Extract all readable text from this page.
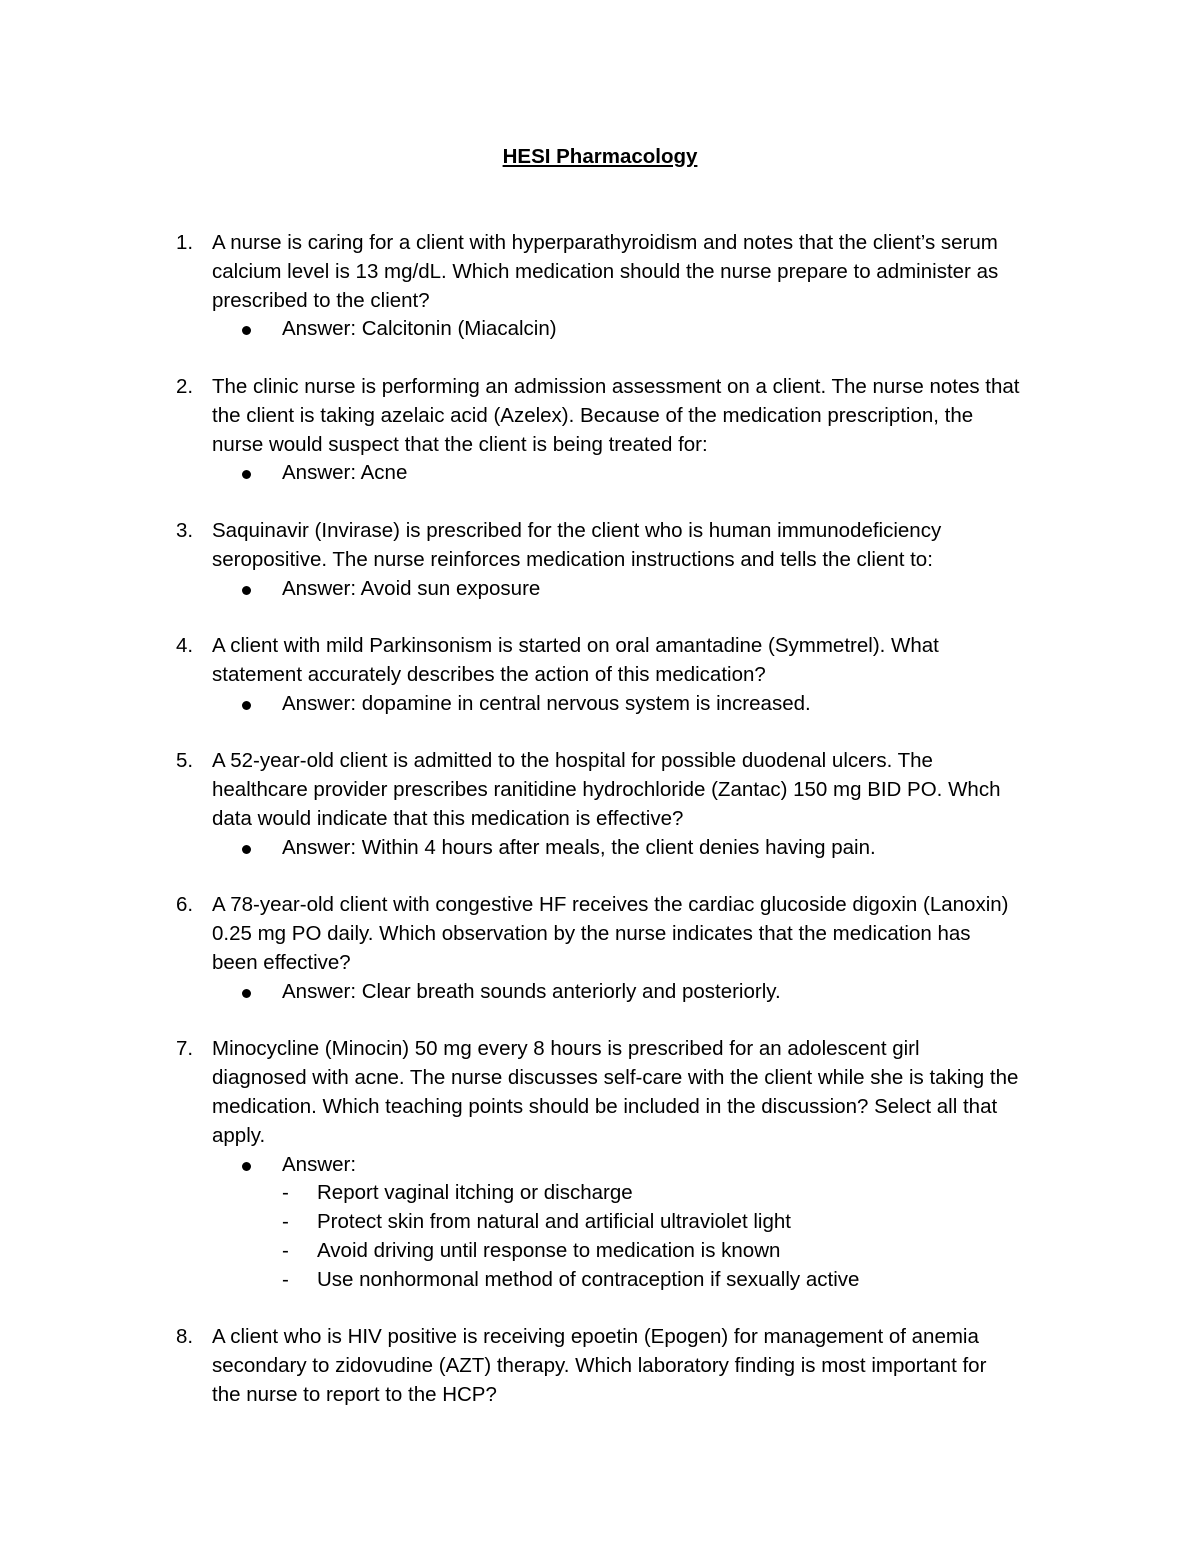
HESI Pharmacology
1. A nurse is caring for a client with hyperparathyroidism and notes that the client’s serum
calcium level is 13 mg/dL. Which medication should the nurse prepare to administer as
prescribed to the client?
Answer: Calcitonin (Miacalcin)
2. The clinic nurse is performing an admission assessment on a client. The nurse notes that
the client is taking azelaic acid (Azelex). Because of the medication prescription, the
nurse would suspect that the client is being treated for:
Answer: Acne
3. Saquinavir (Invirase) is prescribed for the client who is human immunodeficiency
seropositive. The nurse reinforces medication instructions and tells the client to:
Answer: Avoid sun exposure
4. A client with mild Parkinsonism is started on oral amantadine (Symmetrel). What
statement accurately describes the action of this medication?
Answer: dopamine in central nervous system is increased.
5. A 52-year-old client is admitted to the hospital for possible duodenal ulcers. The
healthcare provider prescribes ranitidine hydrochloride (Zantac) 150 mg BID PO. Whch
data would indicate that this medication is effective?
Answer: Within 4 hours after meals, the client denies having pain.
6. A 78-year-old client with congestive HF receives the cardiac glucoside digoxin (Lanoxin)
0.25 mg PO daily. Which observation by the nurse indicates that the medication has
been effective?
Answer: Clear breath sounds anteriorly and posteriorly.
7. Minocycline (Minocin) 50 mg every 8 hours is prescribed for an adolescent girl
diagnosed with acne. The nurse discusses self-care with the client while she is taking the
medication. Which teaching points should be included in the discussion? Select all that
apply.
Answer:
- Report vaginal itching or discharge
- Protect skin from natural and artificial ultraviolet light
- Avoid driving until response to medication is known
- Use nonhormonal method of contraception if sexually active
8. A client who is HIV positive is receiving epoetin (Epogen) for management of anemia
secondary to zidovudine (AZT) therapy. Which laboratory finding is most important for
the nurse to report to the HCP?
